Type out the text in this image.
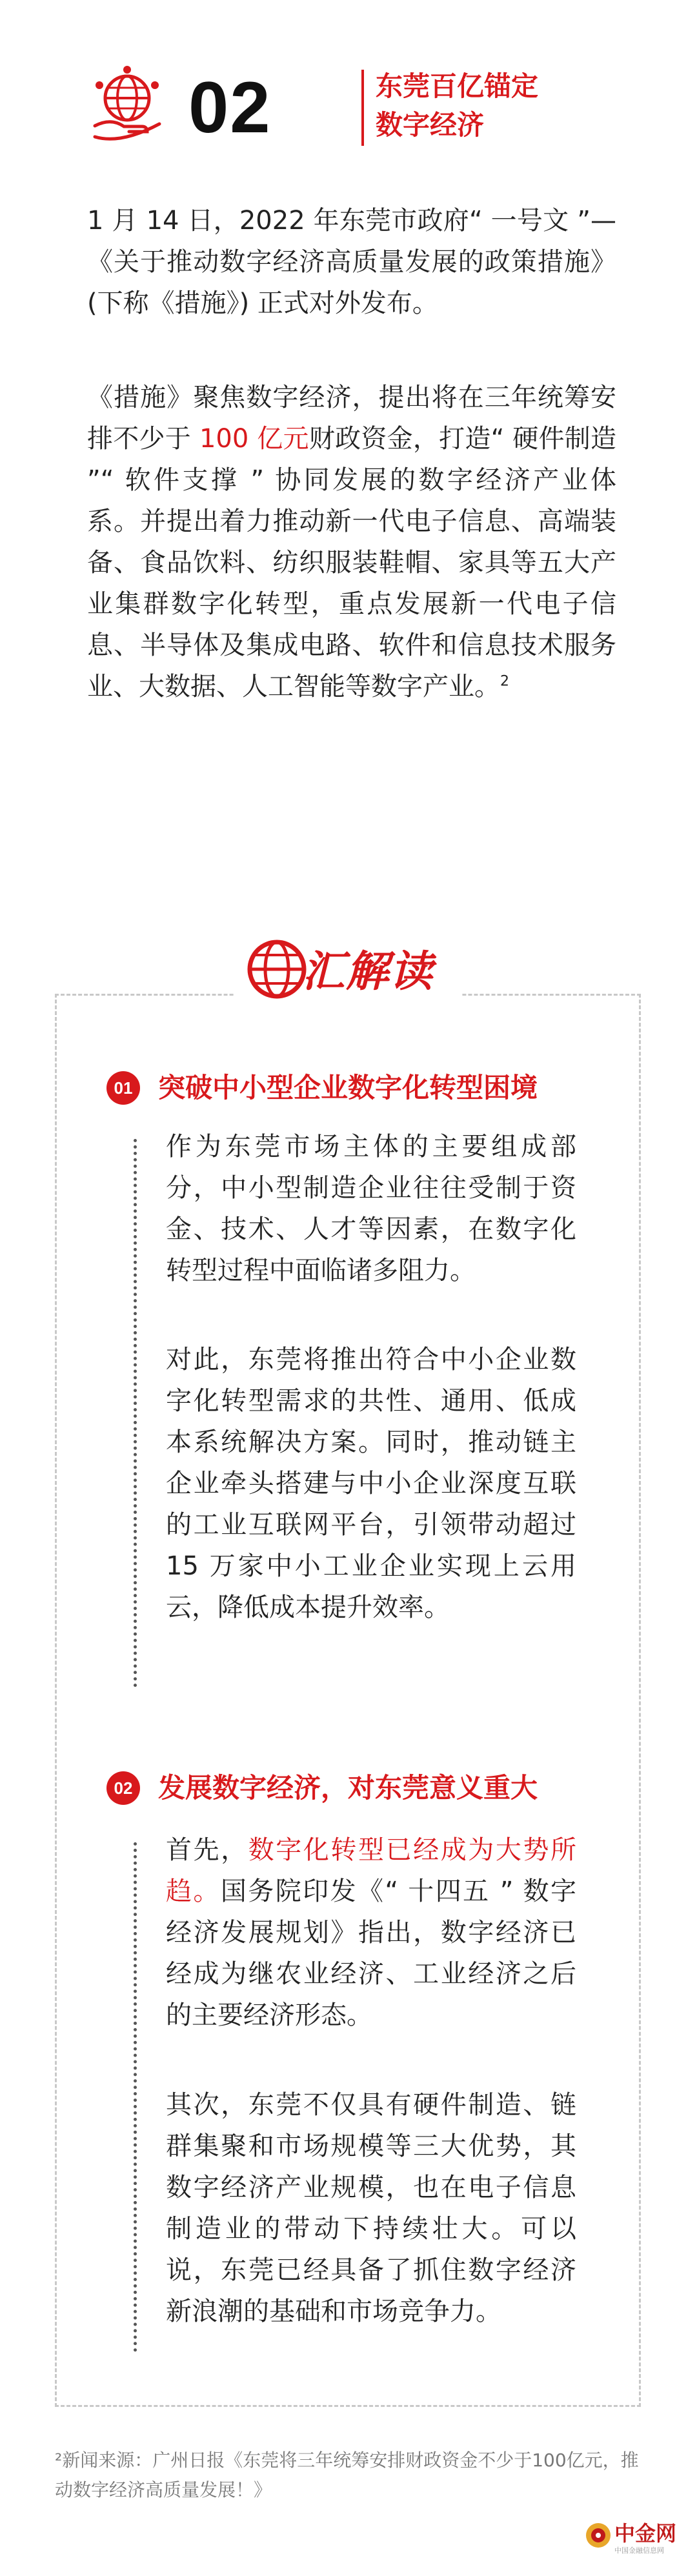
02	东莞百亿锚定
数字经济
1 月 14 日，2022 年东莞市政府“ 一号文 ”—《关于推动数字经济高质量发展的政策措施》(下称《措施》) 正式对外发布。
《措施》聚焦数字经济，提出将在三年统筹安排不少于 100 亿元财政资金，打造“ 硬件制造 ”“ 软件支撑 ” 协同发展的数字经济产业体系。并提出着力推动新一代电子信息、高端装备、食品饮料、纺织服装鞋帽、家具等五大产业集群数字化转型，重点发展新一代电子信息、半导体及集成电路、软件和信息技术服务业、大数据、人工智能等数字产业。$^2$
汇解读
01 突破中小型企业数字化转型困境
作为东莞市场主体的主要组成部分，中小型制造企业往往受制于资金、技术、人才等因素，在数字化转型过程中面临诸多阻力。
对此，东莞将推出符合中小企业数字化转型需求的共性、通用、低成本系统解决方案。同时，推动链主企业牵头搭建与中小企业深度互联的工业互联网平台，引领带动超过 15 万家中小工业企业实现上云用云，降低成本提升效率。
02 发展数字经济，对东莞意义重大
首先，数字化转型已经成为大势所趋。国务院印发《“ 十四五 ” 数字经济发展规划》指出，数字经济已经成为继农业经济、工业经济之后的主要经济形态。
其次，东莞不仅具有硬件制造、链群集聚和市场规模等三大优势，其数字经济产业规模，也在电子信息制造业的带动下持续壮大。可以说，东莞已经具备了抓住数字经济新浪潮的基础和市场竞争力。
²新闻来源：广州日报《东莞将三年统筹安排财政资金不少于100亿元，推动数字经济高质量发展！》
中金网
中国金融信息网
